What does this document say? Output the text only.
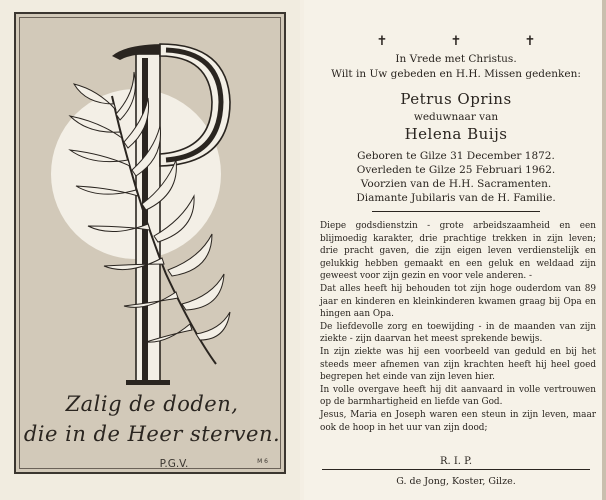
Zalig de doden,
die in de Heer sterven.
P.G.V.	M 6
✝	✝	✝
In Vrede met Christus.
Wilt in Uw gebeden en H.H. Missen gedenken:
Petrus Oprins
weduwnaar van
Helena Buijs
Geboren te Gilze 31 December 1872.
Overleden te Gilze 25 Februari 1962.
Voorzien van de H.H. Sacramenten.
Diamante Jubilaris van de H. Familie.

Diepe godsdienstzin - grote arbeidszaamheid en een blijmoedig karakter, drie prachtige trekken in zijn leven; drie pracht gaven, die zijn eigen leven verdienstelijk en gelukkig hebben gemaakt en een geluk en weldaad zijn geweest voor zijn gezin en voor vele anderen. -

Dat alles heeft hij behouden tot zijn hoge ouderdom van 89 jaar en kinderen en kleinkinderen kwamen graag bij Opa en hingen aan Opa.

De liefdevolle zorg en toewijding - in de maanden van zijn ziekte - zijn daarvan het meest sprekende bewijs.

In zijn ziekte was hij een voorbeeld van geduld en bij het steeds meer afnemen van zijn krachten heeft hij heel goed begrepen het einde van zijn leven hier.

In volle overgave heeft hij dit aanvaard in volle vertrouwen op de barmhartigheid en liefde van God.

Jesus, Maria en Joseph waren een steun in zijn leven, maar ook de hoop in het uur van zijn dood;

R. I. P.
G. de Jong, Koster, Gilze.
